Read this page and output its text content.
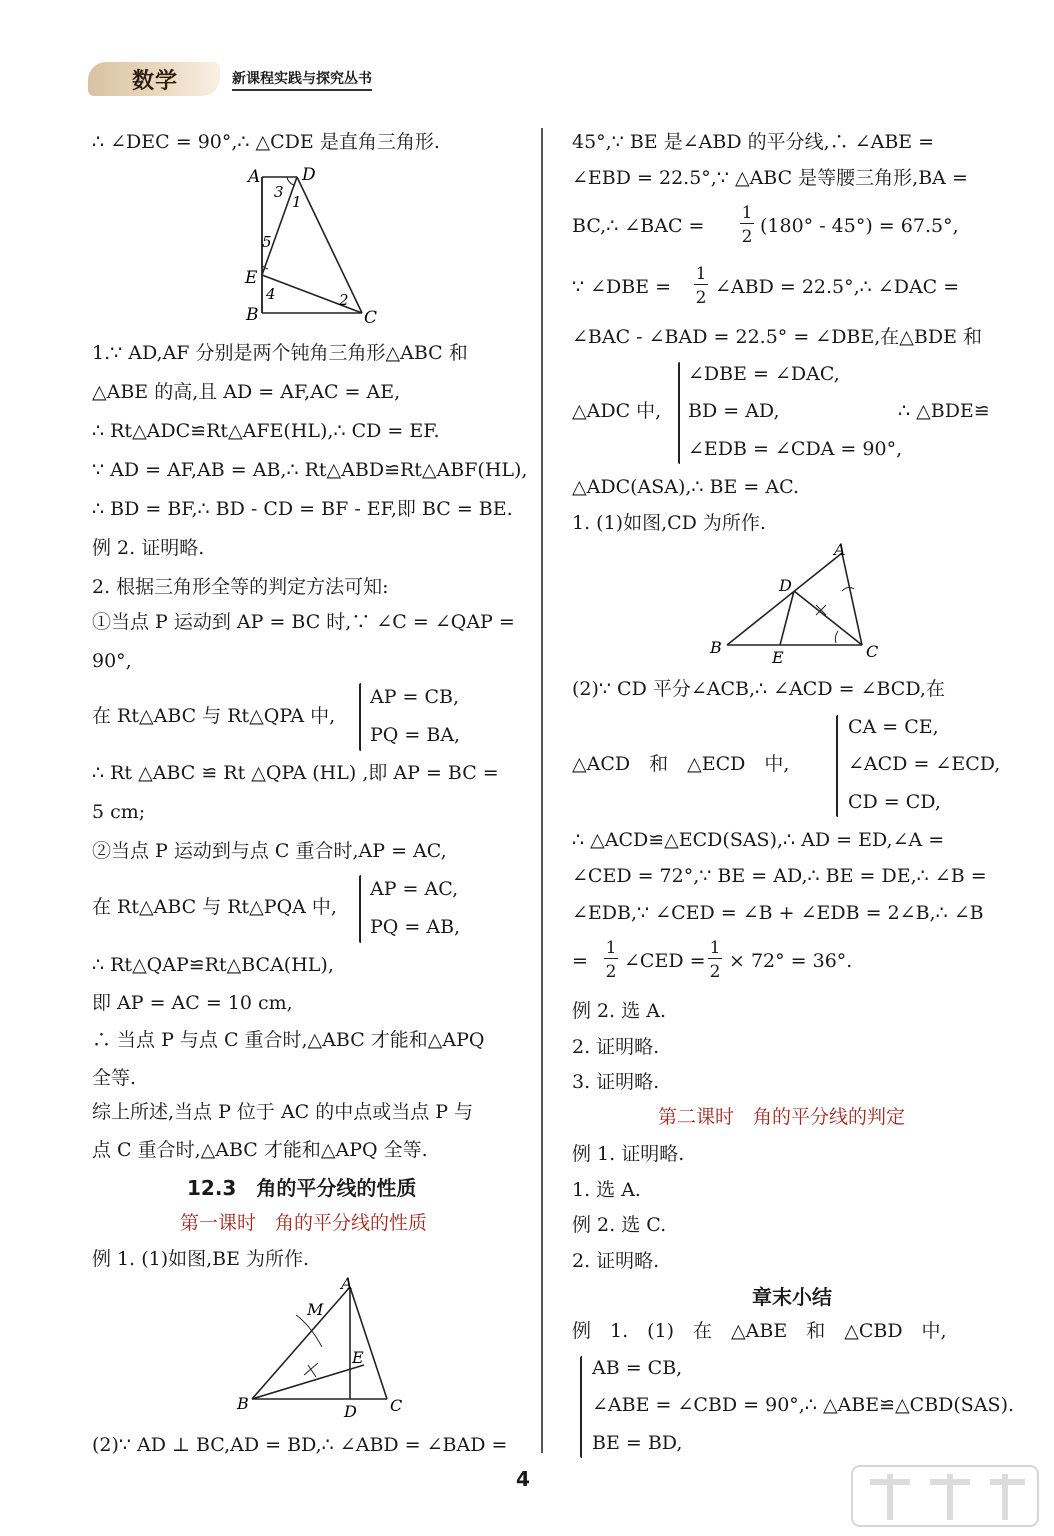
数学	新课程实践与探究丛书
∴ ∠DEC = 90°,∴ △CDE 是直角三角形.
A D
3
1
5
E
4	2
B	C
1.∵ AD,AF 分别是两个钝角三角形△ABC 和
△ABE 的高,且 AD = AF,AC = AE,
∴ Rt△ADC≌Rt△AFE(HL),∴ CD = EF.
∵ AD = AF,AB = AB,∴ Rt△ABD≌Rt△ABF(HL),
∴ BD = BF,∴ BD - CD = BF - EF,即 BC = BE.
例 2. 证明略.
2. 根据三角形全等的判定方法可知:
①当点 P 运动到 AP = BC 时,∵ ∠C = ∠QAP =
90°,
在 Rt△ABC 与 Rt△QPA 中,
AP = CB,
PQ = BA,
∴ Rt △ABC ≌ Rt △QPA (HL) ,即 AP = BC =
5 cm;
②当点 P 运动到与点 C 重合时,AP = AC,
在 Rt△ABC 与 Rt△PQA 中,
AP = AC,
PQ = AB,
∴ Rt△QAP≌Rt△BCA(HL),
即 AP = AC = 10 cm,
∴ 当点 P 与点 C 重合时,△ABC 才能和△APQ
全等.
综上所述,当点 P 位于 AC 的中点或当点 P 与
点 C 重合时,△ABC 才能和△APQ 全等.
12.3　角的平分线的性质
第一课时　角的平分线的性质
例 1. (1)如图,BE 为所作.
A
M
E
B	D C
(2)∵ AD ⊥ BC,AD = BD,∴ ∠ABD = ∠BAD =
45°,∵ BE 是∠ABD 的平分线,∴ ∠ABE =
∠EBD = 22.5°,∵ △ABC 是等腰三角形,BA =
BC,∴ ∠BAC =
1
2 (180° - 45°) = 67.5°,
∵ ∠DBE =
1
2 ∠ABD = 22.5°,∴ ∠DAC =
∠BAC - ∠BAD = 22.5° = ∠DBE,在△BDE 和
△ADC 中,
∠DBE = ∠DAC,
BD = AD,
∠EDB = ∠CDA = 90°,
∴ △BDE≌
△ADC(ASA),∴ BE = AC.
1. (1)如图,CD 为所作.
A
D
B
E	C
(2)∵ CD 平分∠ACB,∴ ∠ACD = ∠BCD,在
△ACD　和　△ECD　中,
CA = CE,
∠ACD = ∠ECD,
CD = CD,
∴ △ACD≌△ECD(SAS),∴ AD = ED,∠A =
∠CED = 72°,∵ BE = AD,∴ BE = DE,∴ ∠B =
∠EDB,∵ ∠CED = ∠B + ∠EDB = 2∠B,∴ ∠B
=
1
2 ∠CED =
1
2 × 72° = 36°.
例 2. 选 A.
2. 证明略.
3. 证明略.
第二课时　角的平分线的判定
例 1. 证明略.
1. 选 A.
例 2. 选 C.
2. 证明略.
章末小结
例　1.　(1)　在　△ABE　和　△CBD　中,
AB = CB,
∠ABE = ∠CBD = 90°,∴ △ABE≌△CBD(SAS).
BE = BD,
4
